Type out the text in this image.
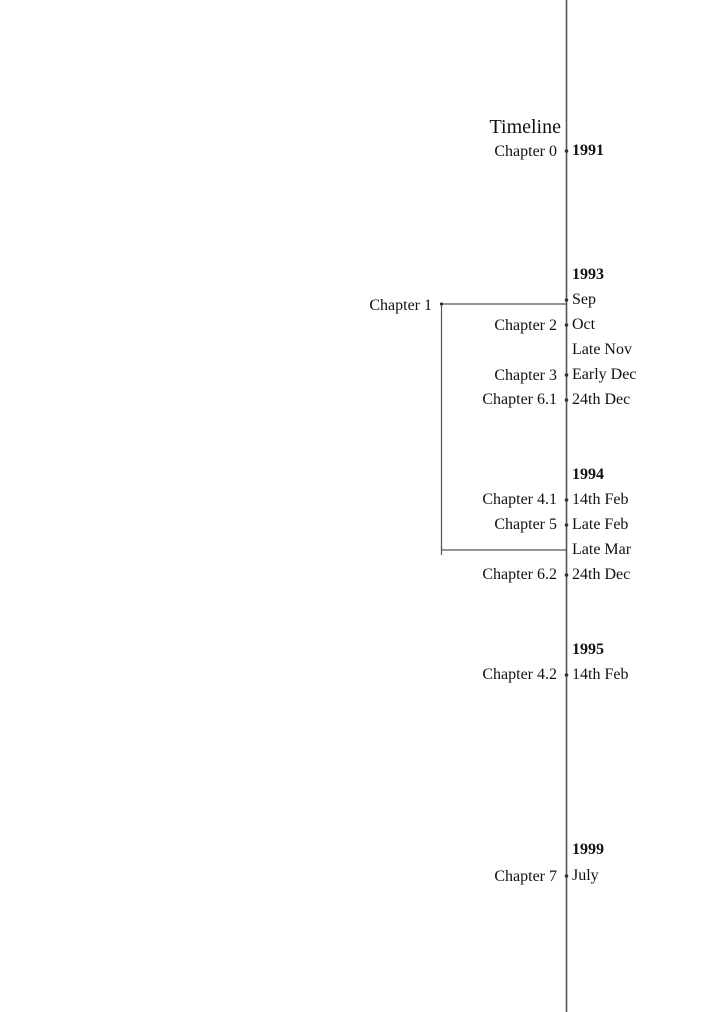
Timeline
1991
1993
1994
1995
1999
Sep
Oct
Late Nov
Early Dec
24th Dec
14th Feb
Late Feb
Late Mar
24th Dec
14th Feb
July
Chapter 0
Chapter 1
Chapter 2
Chapter 3
Chapter 6.1
Chapter 4.1
Chapter 5
Chapter 6.2
Chapter 4.2
Chapter 7
